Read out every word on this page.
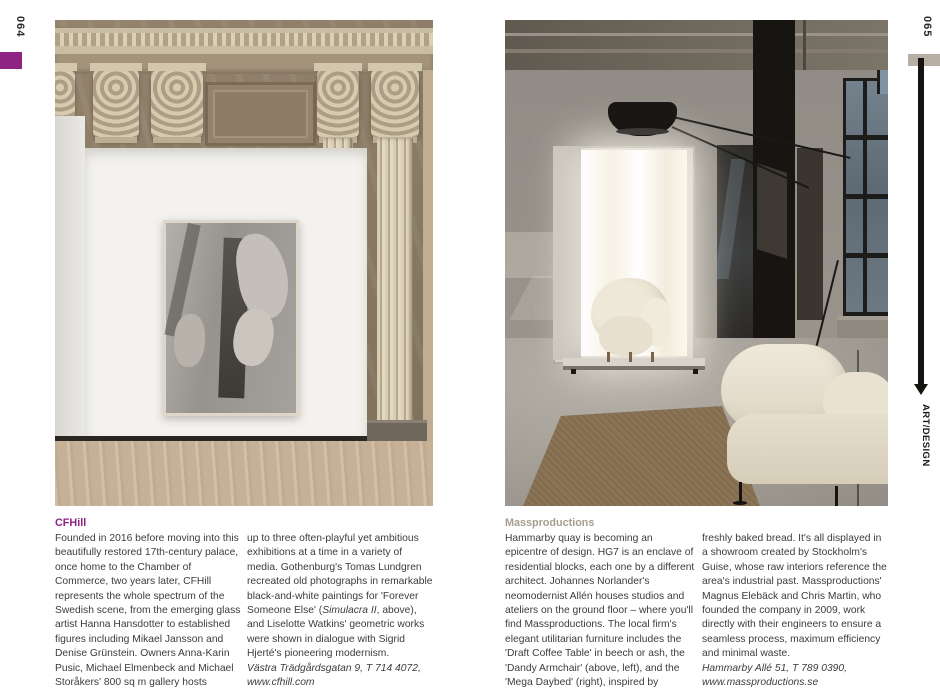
064	065
ART/DESIGN
CFHill

Founded in 2016 before moving into this beautifully restored 17th-century palace, once home to the Chamber of Commerce, two years later, CFHill represents the whole spectrum of the Swedish scene, from the emerging glass artist Hanna Hansdotter to established figures including Mikael Jansson and Denise Grünstein. Owners Anna-Karin Pusic, Michael Elmenbeck and Michael Storåkers' 800 sq m gallery hosts

up to three often-playful yet ambitious exhibitions at a time in a variety of media. Gothenburg's Tomas Lundgren recreated old photographs in remarkable black-and-white paintings for 'Forever Someone Else' (Simulacra II, above), and Liselotte Watkins' geometric works were shown in dialogue with Sigrid Hjerté's pioneering modernism.
Västra Trädgårdsgatan 9, T 714 4072,
www.cfhill.com

Massproductions

Hammarby quay is becoming an epicentre of design. HG7 is an enclave of residential blocks, each one by a different architect. Johannes Norlander's neomodernist Allén houses studios and ateliers on the ground floor – where you'll find Massproductions. The local firm's elegant utilitarian furniture includes the 'Draft Coffee Table' in beech or ash, the 'Dandy Armchair' (above, left), and the 'Mega Daybed' (right), inspired by

freshly baked bread. It's all displayed in a showroom created by Stockholm's Guise, whose raw interiors reference the area's industrial past. Massproductions' Magnus Elebäck and Chris Martin, who founded the company in 2009, work directly with their engineers to ensure a seamless process, maximum efficiency and minimal waste.
Hammarby Allé 51, T 789 0390,
www.massproductions.se
